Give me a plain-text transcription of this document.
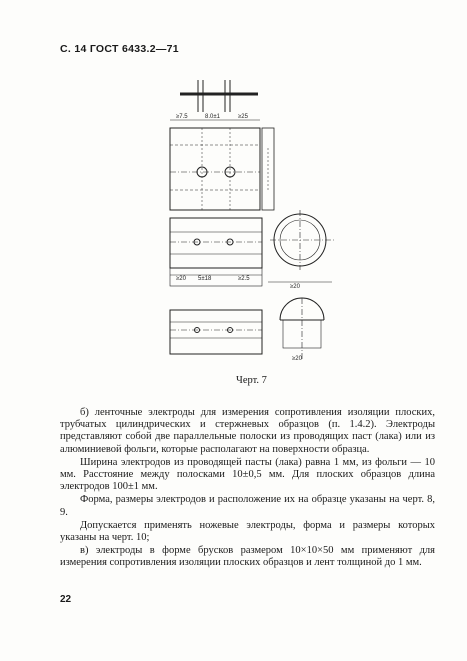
С. 14 ГОСТ 6433.2—71
≥7.5	8.0±1	≥25
≥20 5±18	≥2.5
≥20
≥20
Черт. 7

б) ленточные электроды для измерения сопротивления изоляции плоских, трубчатых цилиндрических и стержневых образцов (п. 1.4.2). Электроды представляют собой две параллельные полоски из проводящих паст (лака) или из алюминиевой фольги, которые располагают на поверхности образца.

Ширина электродов из проводящей пасты (лака) равна 1 мм, из фольги — 10 мм. Расстояние между полосками 10±0,5 мм. Для плоских образцов длина электродов 100±1 мм.

Форма, размеры электродов и расположение их на образце указаны на черт. 8, 9.

Допускается применять ножевые электроды, форма и размеры которых указаны на черт. 10;

в) электроды в форме брусков размером 10×10×50 мм применяют для измерения сопротивления изоляции плоских образцов и лент толщиной до 1 мм.

22
